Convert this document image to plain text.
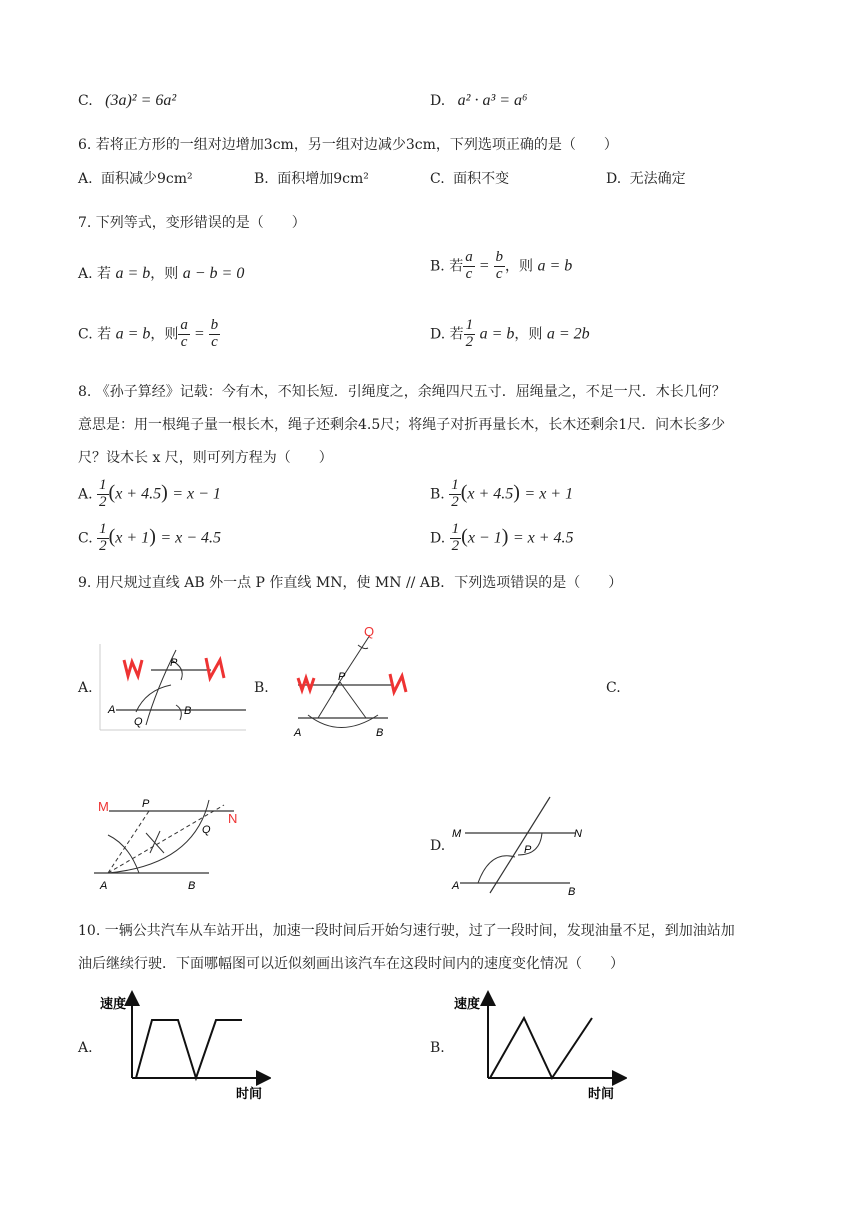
C. (3a)² = 6a²	D. a² · a³ = a⁶
6. 若将正方形的一组对边增加3cm，另一组对边减少3cm，下列选项正确的是（　　）
A. 面积减少9cm²	B. 面积增加9cm²	C. 面积不变	D. 无法确定
7. 下列等式，变形错误的是（　　）
A. 若 a = b，则 a − b = 0	B. 若 $\frac{a}{c} = \frac{b}{c}$ ，则 a = b
C. 若 a = b，则 $\frac{a}{c} = \frac{b}{c}$	D. 若 $\frac{1}{2}$ a = b，则 a = 2b
8. 《孙子算经》记载：今有木，不知长短．引绳度之，余绳四尺五寸．屈绳量之，不足一尺．木长几何？
意思是：用一根绳子量一根长木，绳子还剩余4.5尺；将绳子对折再量长木，长木还剩余1尺．问木长多少
尺？设木长 x 尺，则可列方程为（　　）
A. $\frac{1}{2} (x + 4.5) = x - 1$	B. $\frac{1}{2} (x + 4.5) = x + 1$
C. $\frac{1}{2} (x + 1) = x - 4.5$	D. $\frac{1}{2} (x - 1) = x + 4.5$
9. 用尺规过直线 AB 外一点 P 作直线 MN，使 MN // AB．下列选项错误的是（　　）
A.
A	B
P
Q
B.
P
Q
A	B
C.
M
N
P
Q
A	B
D.
M	N
P
A	B
10. 一辆公共汽车从车站开出，加速一段时间后开始匀速行驶，过了一段时间，发现油量不足，到加油站加
油后继续行驶．下面哪幅图可以近似刻画出该汽车在这段时间内的速度变化情况（　　）
A.
速度
时间
B.
速度
时间
